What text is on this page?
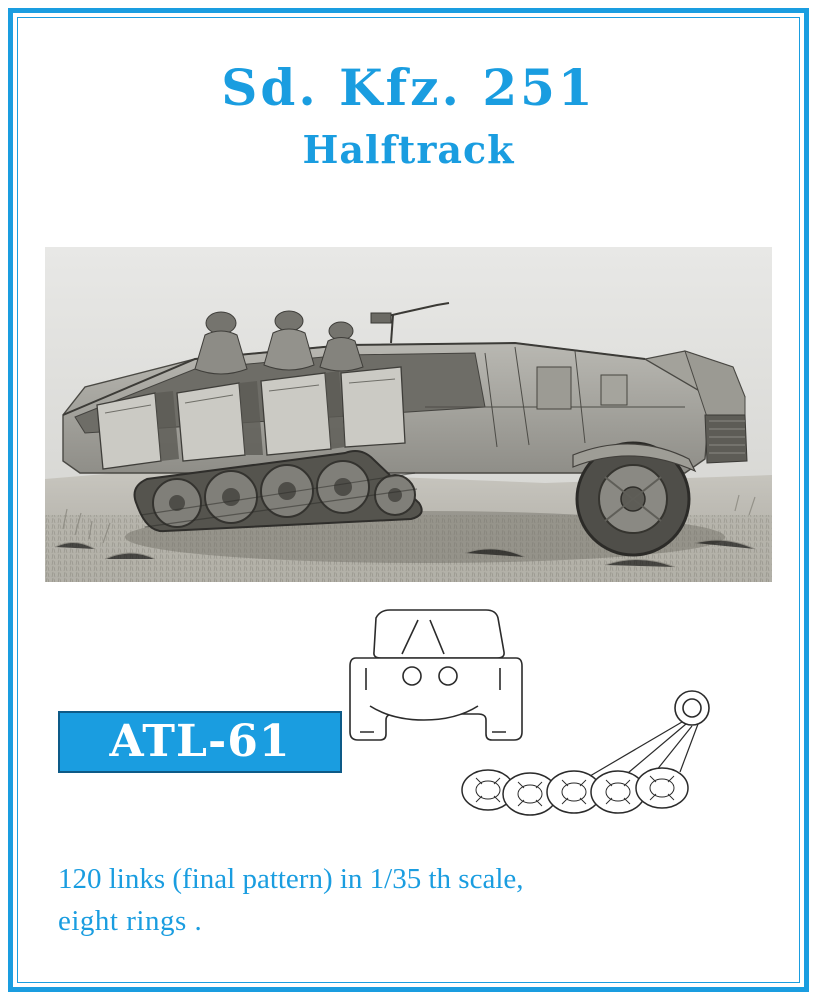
Sd. Kfz. 251
Halftrack
ATL-61
120 links (final pattern) in 1/35 th scale,
eight rings .
